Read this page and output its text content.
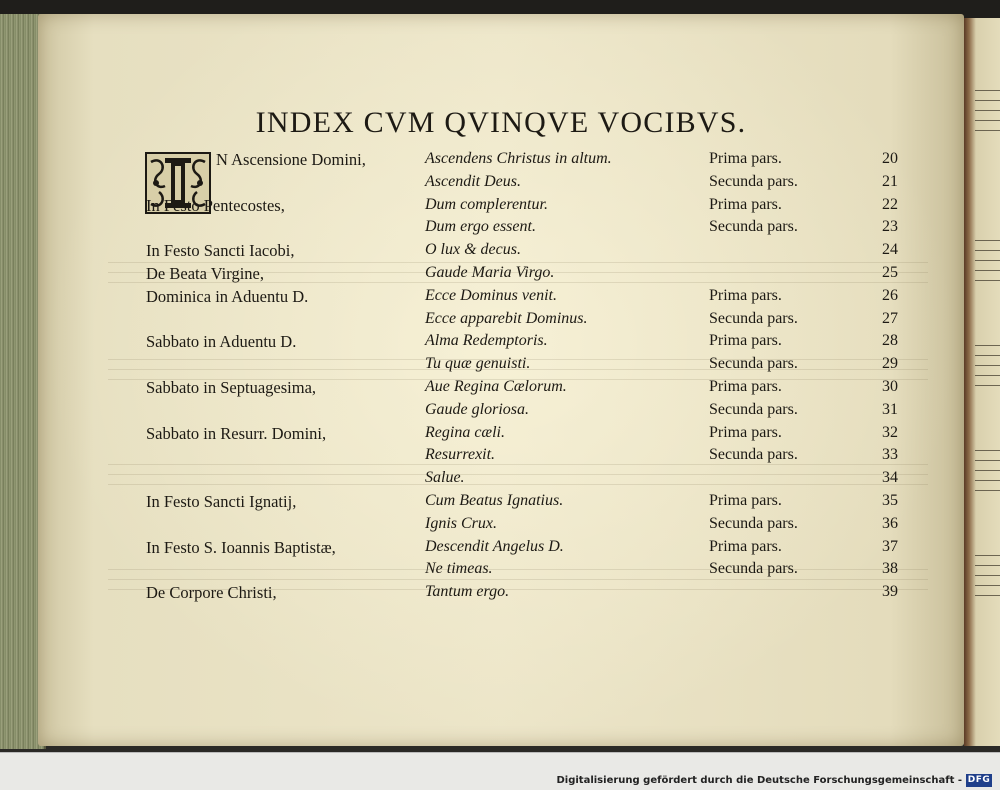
INDEX CVM QVINQVE VOCIBVS.
N Ascensione Domini,	Ascendens Christus in altum.	Prima pars.	20
Ascendit Deus.	Secunda pars.	21
In Festo Pentecostes,	Dum complerentur.	Prima pars.	22
Dum ergo essent.	Secunda pars.	23
In Festo Sancti Iacobi,	O lux & decus.	24
De Beata Virgine,	Gaude Maria Virgo.	25
Dominica in Aduentu D.	Ecce Dominus venit.	Prima pars.	26
Ecce apparebit Dominus.	Secunda pars.	27
Sabbato in Aduentu D.	Alma Redemptoris.	Prima pars.	28
Tu quæ genuisti.	Secunda pars.	29
Sabbato in Septuagesima,	Aue Regina Cælorum.	Prima pars.	30
Gaude gloriosa.	Secunda pars.	31
Sabbato in Resurr. Domini,	Regina cæli.	Prima pars.	32
Resurrexit.	Secunda pars.	33
Salue.	34
In Festo Sancti Ignatij,	Cum Beatus Ignatius.	Prima pars.	35
Ignis Crux.	Secunda pars.	36
In Festo S. Ioannis Baptistæ,	Descendit Angelus D.	Prima pars.	37
Ne timeas.	Secunda pars.	38
De Corpore Christi,	Tantum ergo.	39
Digitalisierung gefördert durch die Deutsche Forschungsgemeinschaft - DFG
